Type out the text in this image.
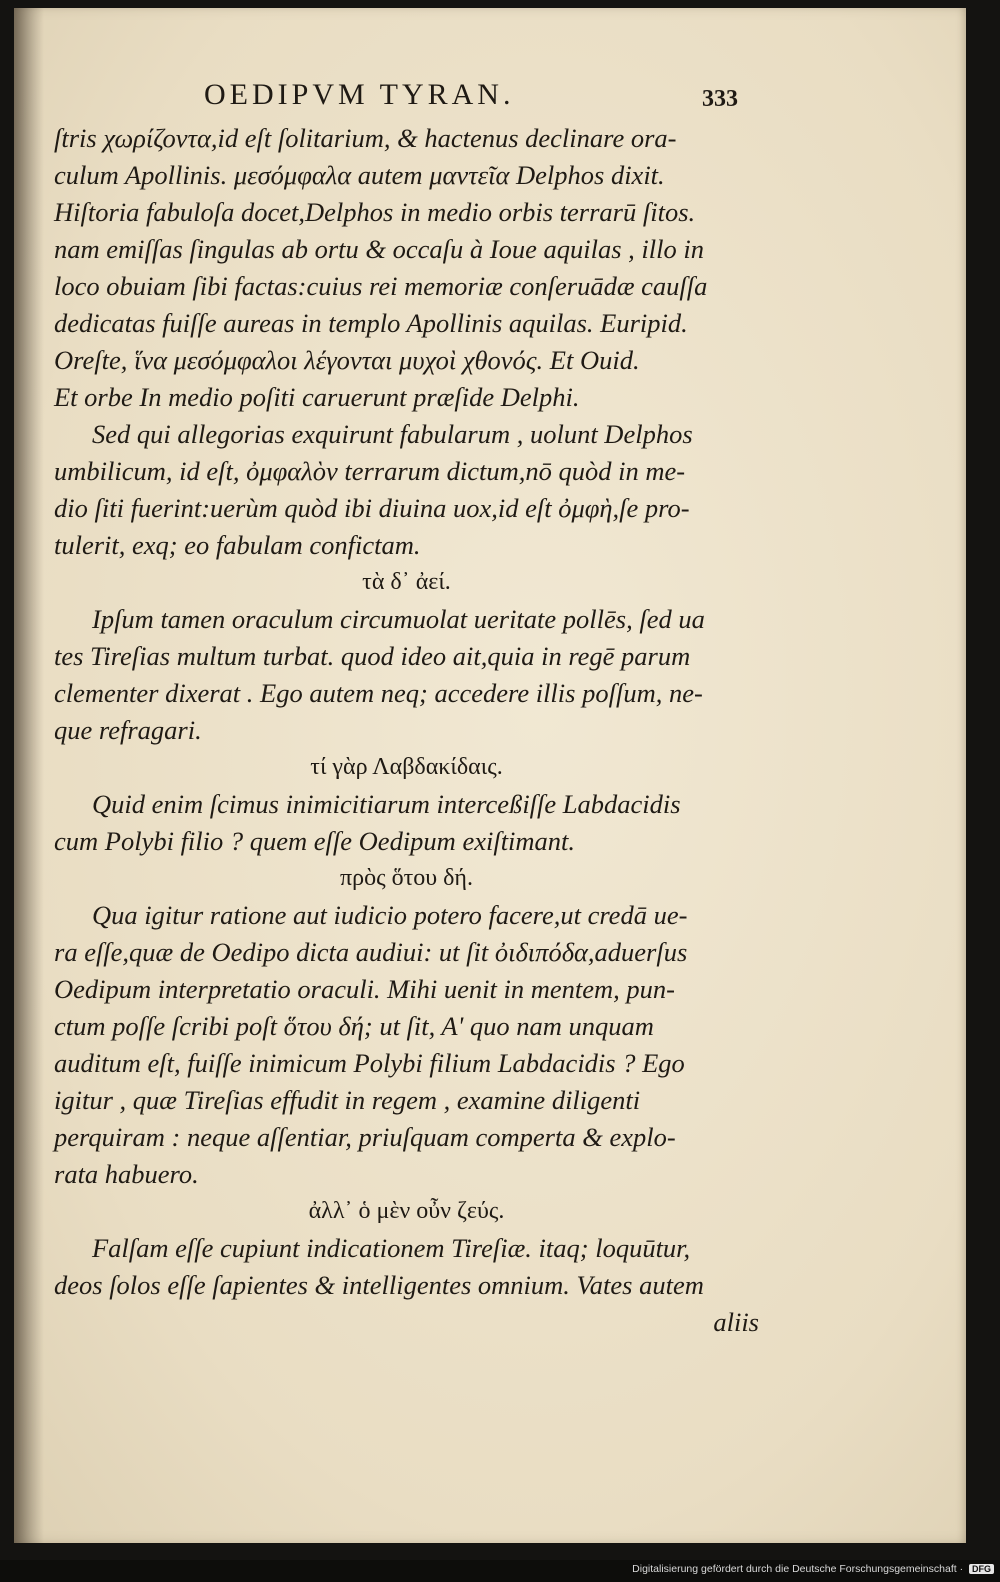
OEDIPVM TYRAN.	333
ſtris χωρίζοντα,id eſt ſolitarium, & hactenus declinare ora-
culum Apollinis. μεσόμφαλα autem μαντεῖα Delphos dixit.
Hiſtoria fabuloſa docet,Delphos in medio orbis terrarū ſitos.
nam emiſſas ſingulas ab ortu & occaſu à Ioue aquilas , illo in
loco obuiam ſibi factas:cuius rei memoriæ conſeruādæ cauſſa
dedicatas fuiſſe aureas in templo Apollinis aquilas. Euripid.
Oreſte, ἵνα μεσόμφαλοι λέγονται μυχοὶ χθονός. Et Ouid.
Et orbe In medio poſiti caruerunt præſide Delphi.
Sed qui allegorias exquirunt fabularum , uolunt Delphos
umbilicum, id eſt, ὀμφαλὸν terrarum dictum,nō quòd in me-
dio ſiti fuerint:uerùm quòd ibi diuina uox,id eſt ὀμφὴ,ſe pro-
tulerit, exq; eo fabulam confictam.
τὰ δ᾽ ἀεί.
Ipſum tamen oraculum circumuolat ueritate pollēs, ſed ua
tes Tireſias multum turbat. quod ideo ait,quia in regē parum
clementer dixerat . Ego autem neq; accedere illis poſſum, ne-
que refragari.
τί γὰρ Λαβδακίδαις.
Quid enim ſcimus inimicitiarum interceßiſſe Labdacidis
cum Polybi filio ? quem eſſe Oedipum exiſtimant.
πρὸς ὅτου δή.
Qua igitur ratione aut iudicio potero facere,ut credā ue-
ra eſſe,quæ de Oedipo dicta audiui: ut ſit ὀιδιπόδα,aduerſus
Oedipum interpretatio oraculi. Mihi uenit in mentem, pun-
ctum poſſe ſcribi poſt ὅτου δή; ut ſit, A' quo nam unquam
auditum eſt, fuiſſe inimicum Polybi filium Labdacidis ? Ego
igitur , quæ Tireſias effudit in regem , examine diligenti
perquiram : neque aſſentiar, priuſquam comperta & explo-
rata habuero.
ἀλλ᾽ ὁ μὲν οὖν ζεύς.
Falſam eſſe cupiunt indicationem Tireſiæ. itaq; loquūtur,
deos ſolos eſſe ſapientes & intelligentes omnium. Vates autem
aliis
Digitalisierung gefördert durch die Deutsche Forschungsgemeinschaft · DFG
